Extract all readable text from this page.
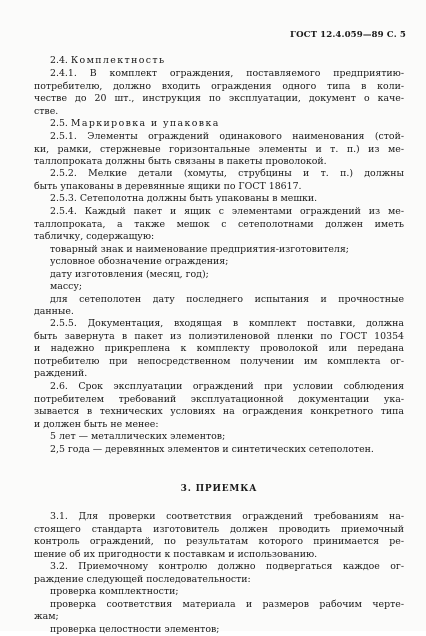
ГОСТ 12.4.059—89 С. 5
2.4. Комплектность
2.4.1. В комплект ограждения, поставляемого предприятию-
потребителю, должно входить ограждения одного типа в коли-
честве до 20 шт., инструкция по эксплуатации, документ о каче-
стве.
2.5. Маркировка и упаковка
2.5.1. Элементы ограждений одинакового наименования (стой-
ки, рамки, стержневые горизонтальные элементы и т. п.) из ме-
таллопроката должны быть связаны в пакеты проволокой.
2.5.2. Мелкие детали (хомуты, струбцины и т. п.) должны
быть упакованы в деревянные ящики по ГОСТ 18617.
2.5.3. Сетеполотна должны быть упакованы в мешки.
2.5.4. Каждый пакет и ящик с элементами ограждений из ме-
таллопроката, а также мешок с сетеполотнами должен иметь
табличку, содержащую:
товарный знак и наименование предприятия-изготовителя;
условное обозначение ограждения;
дату изготовления (месяц, год);
массу;
для сетеполотен дату последнего испытания и прочностные
данные.
2.5.5. Документация, входящая в комплект поставки, должна
быть завернута в пакет из полиэтиленовой пленки по ГОСТ 10354
и надежно прикреплена к комплекту проволокой или передана
потребителю при непосредственном получении им комплекта ог-
раждений.
2.6. Срок эксплуатации ограждений при условии соблюдения
потребителем требований эксплуатационной документации ука-
зывается в технических условиях на ограждения конкретного типа
и должен быть не менее:
5 лет — металлических элементов;
2,5 года — деревянных элементов и синтетических сетеполотен.
3. ПРИЕМКА
3.1. Для проверки соответствия ограждений требованиям на-
стоящего стандарта изготовитель должен проводить приемочный
контроль ограждений, по результатам которого принимается ре-
шение об их пригодности к поставкам и использованию.
3.2. Приемочному контролю должно подвергаться каждое ог-
раждение следующей последовательности:
проверка комплектности;
проверка соответствия материала и размеров рабочим черте-
жам;
проверка целостности элементов;
